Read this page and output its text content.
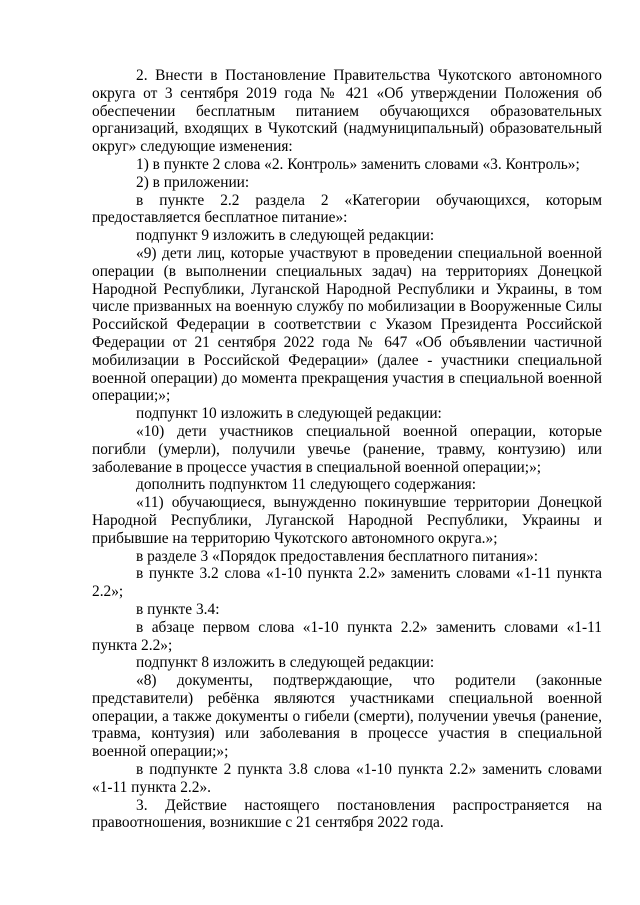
2. Внести в Постановление Правительства Чукотского автономного округа от 3 сентября 2019 года № 421 «Об утверждении Положения об обеспечении бесплатным питанием обучающихся образовательных организаций, входящих в Чукотский (надмуниципальный) образовательный округ» следующие изменения:

1) в пункте 2 слова «2. Контроль» заменить словами «3. Контроль»;

2) в приложении:

в пункте 2.2 раздела 2 «Категории обучающихся, которым предоставляется бесплатное питание»:

подпункт 9 изложить в следующей редакции:

«9) дети лиц, которые участвуют в проведении специальной военной операции (в выполнении специальных задач) на территориях Донецкой Народной Республики, Луганской Народной Республики и Украины, в том числе призванных на военную службу по мобилизации в Вооруженные Силы Российской Федерации в соответствии с Указом Президента Российской Федерации от 21 сентября 2022 года № 647 «Об объявлении частичной мобилизации в Российской Федерации» (далее - участники специальной военной операции) до момента прекращения участия в специальной военной операции;»;

подпункт 10 изложить в следующей редакции:

«10) дети участников специальной военной операции, которые погибли (умерли), получили увечье (ранение, травму, контузию) или заболевание в процессе участия в специальной военной операции;»;

дополнить подпунктом 11 следующего содержания:

«11) обучающиеся, вынужденно покинувшие территории Донецкой Народной Республики, Луганской Народной Республики, Украины и прибывшие на территорию Чукотского автономного округа.»;

в разделе 3 «Порядок предоставления бесплатного питания»:

в пункте 3.2 слова «1-10 пункта 2.2» заменить словами «1-11 пункта 2.2»;

в пункте 3.4:

в абзаце первом слова «1-10 пункта 2.2» заменить словами «1-11 пункта 2.2»;

подпункт 8 изложить в следующей редакции:

«8) документы, подтверждающие, что родители (законные представители) ребёнка являются участниками специальной военной операции, а также документы о гибели (смерти), получении увечья (ранение, травма, контузия) или заболевания в процессе участия в специальной военной операции;»;

в подпункте 2 пункта 3.8 слова «1-10 пункта 2.2» заменить словами «1-11 пункта 2.2».

3. Действие настоящего постановления распространяется на правоотношения, возникшие с 21 сентября 2022 года.
